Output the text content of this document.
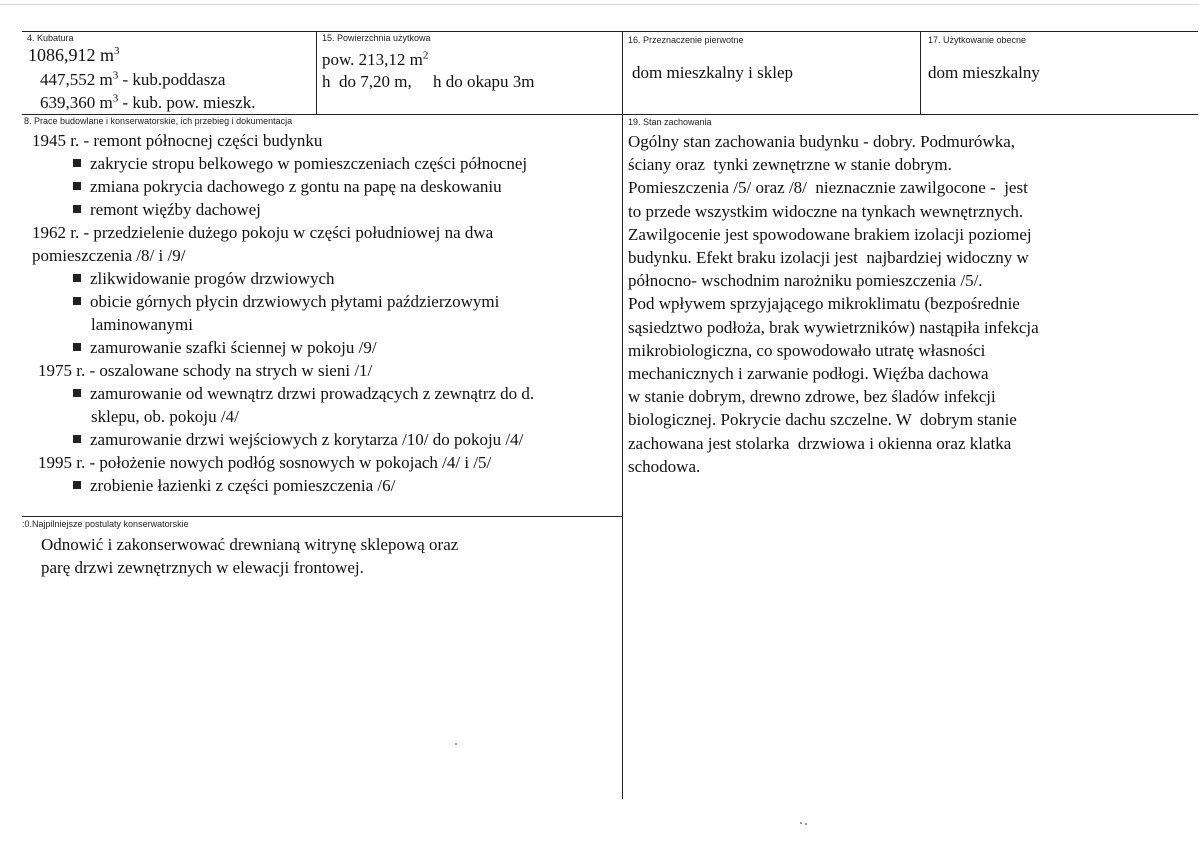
4. Kubatura
1086,912 $m^3$
447,552 $m^3$ - kub.poddasza
639,360 $m^3$ - kub. pow. mieszk.
15. Powierzchnia użytkowa
pow. 213,12 $m^2$
h  do 7,20 m,     h do okapu 3m
16. Przeznaczenie pierwotne
dom mieszkalny i sklep
17. Użytkowanie obecne
dom mieszkalny
8. Prace budowlane i konserwatorskie, ich przebieg i dokumentacja
1945 r. - remont północnej części budynku
zakrycie stropu belkowego w pomieszczeniach części północnej
zmiana pokrycia dachowego z gontu na papę na deskowaniu
remont więźby dachowej
1962 r. - przedzielenie dużego pokoju w części południowej na dwa
pomieszczenia /8/ i /9/
zlikwidowanie progów drzwiowych
obicie górnych płycin drzwiowych płytami paździerzowymi
laminowanymi
zamurowanie szafki ściennej w pokoju /9/
1975 r. - oszalowane schody na strych w sieni /1/
zamurowanie od wewnątrz drzwi prowadzących z zewnątrz do d.
sklepu, ob. pokoju /4/
zamurowanie drzwi wejściowych z korytarza /10/ do pokoju /4/
1995 r. - położenie nowych podłóg sosnowych w pokojach /4/ i /5/
zrobienie łazienki z części pomieszczenia /6/
19. Stan zachowania
Ogólny stan zachowania budynku - dobry. Podmurówka,
ściany oraz  tynki zewnętrzne w stanie dobrym.
Pomieszczenia /5/ oraz /8/  nieznacznie zawilgocone -  jest
to przede wszystkim widoczne na tynkach wewnętrznych.
Zawilgocenie jest spowodowane brakiem izolacji poziomej
budynku. Efekt braku izolacji jest  najbardziej widoczny w
północno- wschodnim narożniku pomieszczenia /5/.
Pod wpływem sprzyjającego mikroklimatu (bezpośrednie
sąsiedztwo podłoża, brak wywietrzników) nastąpiła infekcja
mikrobiologiczna, co spowodowało utratę własności
mechanicznych i zarwanie podłogi. Więźba dachowa
w stanie dobrym, drewno zdrowe, bez śladów infekcji
biologicznej. Pokrycie dachu szczelne. W  dobrym stanie
zachowana jest stolarka  drzwiowa i okienna oraz klatka
schodowa.
:0.Najpilniejsze postulaty konserwatorskie
Odnowić i zakonserwować drewnianą witrynę sklepową oraz
parę drzwi zewnętrznych w elewacji frontowej.
